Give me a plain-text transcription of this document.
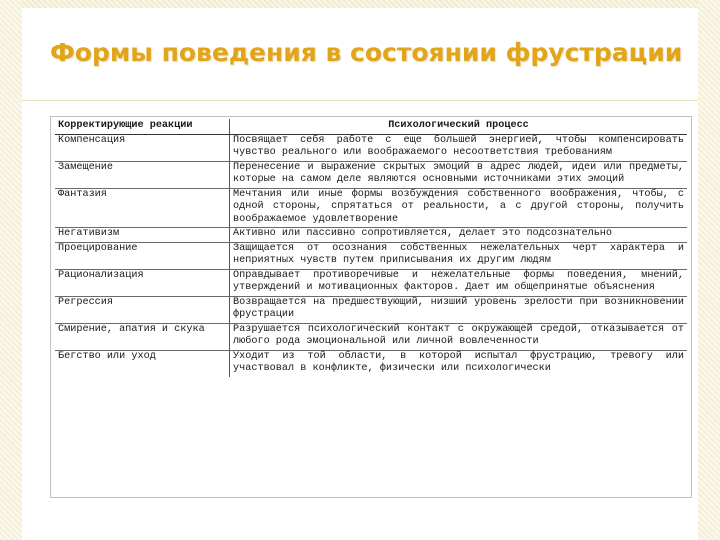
Формы поведения в состоянии фрустрации
Корректирующие реакции	Психологический процесс
Компенсация	Посвящает себя работе с еще большей энергией, чтобы компенсировать чувство реального или воображаемого несоответствия требованиям
Замещение	Перенесение и выражение скрытых эмоций в адрес людей, идеи или предметы, которые на самом деле являются основными источниками этих эмоций
Фантазия	Мечтания или иные формы возбуждения собственного воображения, чтобы, с одной стороны, спрятаться от реальности, а с другой стороны, получить воображаемое удовлетворение
Негативизм	Активно или пассивно сопротивляется, делает это подсознательно
Проецирование	Защищается от осознания собственных нежелательных черт характера и неприятных чувств путем приписывания их другим людям
Рационализация	Оправдывает противоречивые и нежелательные формы поведения, мнений, утверждений и мотивационных факторов. Дает им общепринятые объяснения
Регрессия	Возвращается на предшествующий, низший уровень зрелости при возникновении фрустрации
Смирение, апатия и скука	Разрушается психологический контакт с окружающей средой, отказывается от любого рода эмоциональной или личной вовлеченности
Бегство или уход	Уходит из той области, в которой испытал фрустрацию, тревогу или участвовал в конфликте, физически или психологически
